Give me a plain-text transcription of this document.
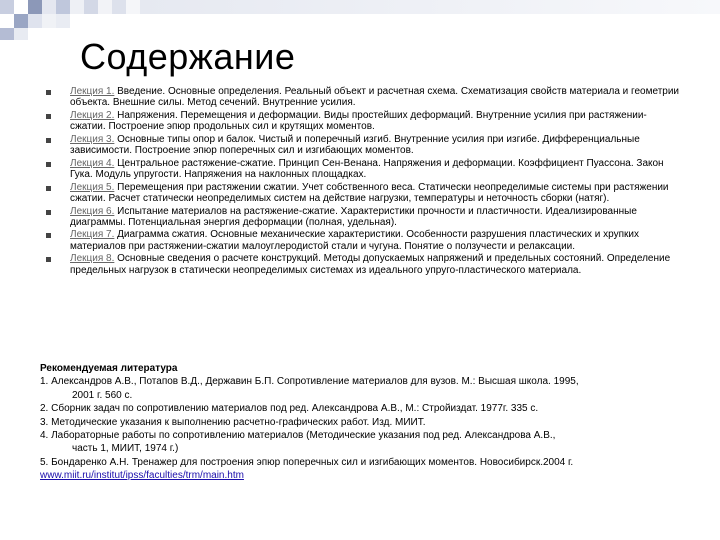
Содержание
Лекция 1. Введение. Основные определения. Реальный объект и расчетная схема. Схематизация свойств материала и геометрии объекта. Внешние силы. Метод сечений. Внутренние усилия.
Лекция 2. Напряжения. Перемещения и деформации. Виды простейших деформаций. Внутренние усилия при растяжении-сжатии. Построение эпюр продольных сил и крутящих моментов.
Лекция 3. Основные типы опор и балок. Чистый и поперечный изгиб. Внутренние усилия при изгибе. Дифференциальные зависимости. Построение эпюр поперечных сил и изгибающих моментов.
Лекция 4. Центральное растяжение-сжатие. Принцип Сен-Венана. Напряжения и деформации. Коэффициент Пуассона. Закон Гука. Модуль упругости. Напряжения на наклонных площадках.
Лекция 5. Перемещения при растяжении сжатии. Учет собственного веса. Статически неопределимые системы при растяжении сжатии. Расчет статически неопределимых систем на действие нагрузки, температуры и неточность сборки (натяг).
Лекция 6. Испытание материалов на растяжение-сжатие. Характеристики прочности и пластичности. Идеализированные диаграммы. Потенциальная энергия деформации (полная, удельная).
Лекция 7. Диаграмма сжатия. Основные механические характеристики. Особенности разрушения пластических и хрупких материалов при растяжении-сжатии малоуглеродистой стали и чугуна. Понятие о ползучести и релаксации.
Лекция 8. Основные сведения о расчете конструкций. Методы допускаемых напряжений и предельных состояний. Определение предельных нагрузок в статически неопределимых системах из идеального упруго-пластического материала.
Рекомендуемая литература
1. Александров А.В., Потапов В.Д., Державин Б.П. Сопротивление материалов для вузов. М.: Высшая школа. 1995,
2001 г. 560 с.
2. Сборник задач по сопротивлению материалов под ред. Александрова А.В., М.: Стройиздат. 1977г. 335 с.
3. Методические указания к выполнению расчетно-графических работ. Изд. МИИТ.
4. Лабораторные работы по сопротивлению материалов (Методические указания под ред. Александрова А.В.,
часть 1, МИИТ, 1974 г.)
5. Бондаренко А.Н. Тренажер для построения эпюр поперечных сил и изгибающих моментов. Новосибирск.2004 г.
www.miit.ru/institut/ipss/faculties/trm/main.htm
